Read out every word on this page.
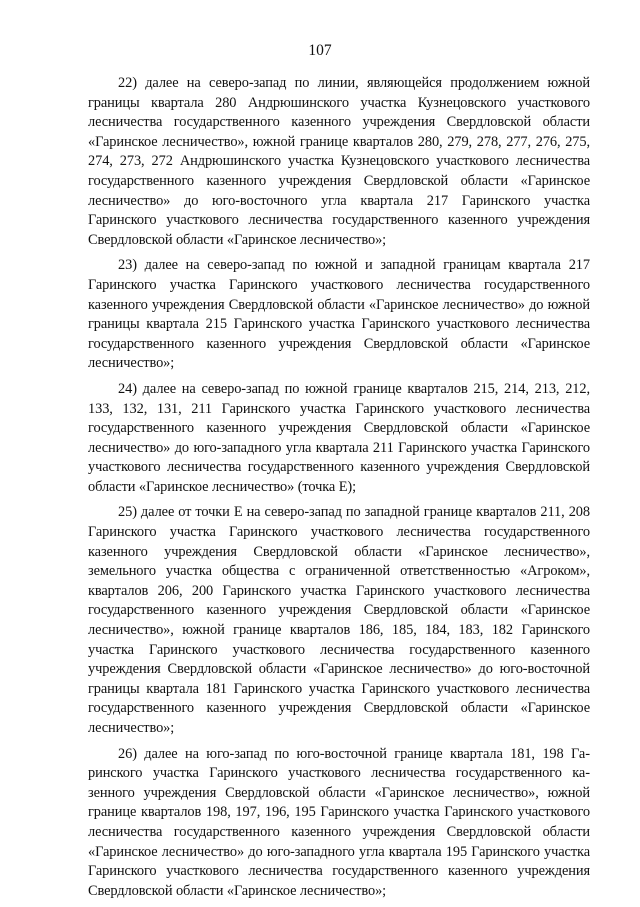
107

22) далее на северо-запад по линии, являющейся продолжением южной границы квартала 280 Андрюшинского участка Кузнецовского участкового лесничества государственного казенного учреждения Свердловской области «Гаринское лесничество», южной границе кварталов 280, 279, 278, 277, 276, 275, 274, 273, 272 Андрюшинского участка Кузнецовского участкового лесничества государственного казенного учреждения Свердловской области «Гаринское лесничество» до юго-восточного угла квартала 217 Гаринского участка Гаринского участкового лесничества государственного казенного учреждения Свердловской области «Гаринское лесничество»;

23) далее на северо-запад по южной и западной границам квартала 217 Гаринского участка Гаринского участкового лесничества государственного казенного учреждения Свердловской области «Гаринское лесничество» до южной границы квартала 215 Гаринского участка Гаринского участкового лесничества государственного казенного учреждения Свердловской области «Гаринское лесничество»;

24) далее на северо-запад по южной границе кварталов 215, 214, 213, 212, 133, 132, 131, 211 Гаринского участка Гаринского участкового лесничества государственного казенного учреждения Свердловской области «Гаринское лесничество» до юго-западного угла квартала 211 Гаринского участка Гаринского участкового лесничества государственного казенного учреждения Свердловской области «Гаринское лесничество» (точка Е);

25) далее от точки Е на северо-запад по западной границе кварталов 211, 208 Гаринского участка Гаринского участкового лесничества государственного казенного учреждения Свердловской области «Гаринское лесничество», земельного участка общества с ограниченной ответственностью «Агроком», кварталов 206, 200 Гаринского участка Гаринского участкового лесничества государственного казенного учреждения Свердловской области «Гаринское лесничество», южной границе кварталов 186, 185, 184, 183, 182 Гаринского участка Гаринского участкового лесничества государственного казенного учреждения Свердловской области «Гаринское лесничество» до юго-восточной границы квартала 181 Гаринского участка Гаринского участкового лесничества государственного казенного учреждения Свердловской области «Гаринское лесничество»;

26) далее на юго-запад по юго-восточной границе квартала 181, 198 Гаринского участка Гаринского участкового лесничества государственного казенного учреждения Свердловской области «Гаринское лесничество», южной границе кварталов 198, 197, 196, 195 Гаринского участка Гаринского участкового лесничества государственного казенного учреждения Свердловской области «Гаринское лесничество» до юго-западного угла квартала 195 Гаринского участка Гаринского участкового лесничества государственного казенного учреждения Свердловской области «Гаринское лесничество»;
